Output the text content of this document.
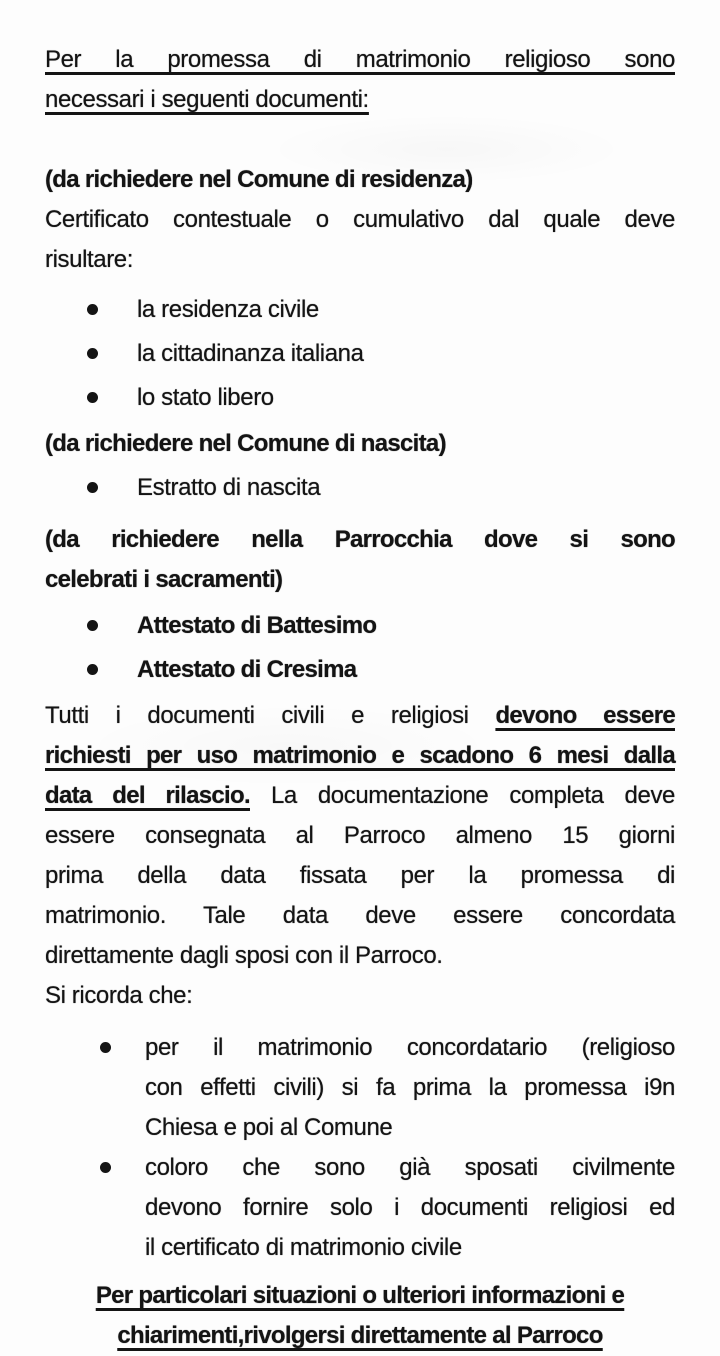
Per la promessa di matrimonio religioso sono
necessari i seguenti documenti:
(da richiedere nel Comune di residenza)
Certificato contestuale o cumulativo dal quale deve
risultare:
la residenza civile
la cittadinanza italiana
lo stato libero
(da richiedere nel Comune di nascita)
Estratto di nascita
(da richiedere nella Parrocchia dove si sono
celebrati i sacramenti)
Attestato di Battesimo
Attestato di Cresima
Tutti i documenti civili e religiosi devono essere
richiesti per uso matrimonio e scadono 6 mesi dalla
data del rilascio. La documentazione completa deve
essere consegnata al Parroco almeno 15 giorni
prima della data fissata per la promessa di
matrimonio. Tale data deve essere concordata
direttamente dagli sposi con il Parroco.
Si ricorda che:
per il matrimonio concordatario (religioso
con effetti civili) si fa prima la promessa i9n
Chiesa e poi al Comune
coloro che sono già sposati civilmente
devono fornire solo i documenti religiosi ed
il certificato di matrimonio civile
Per particolari situazioni o ulteriori informazioni e
chiarimenti,rivolgersi direttamente al Parroco
